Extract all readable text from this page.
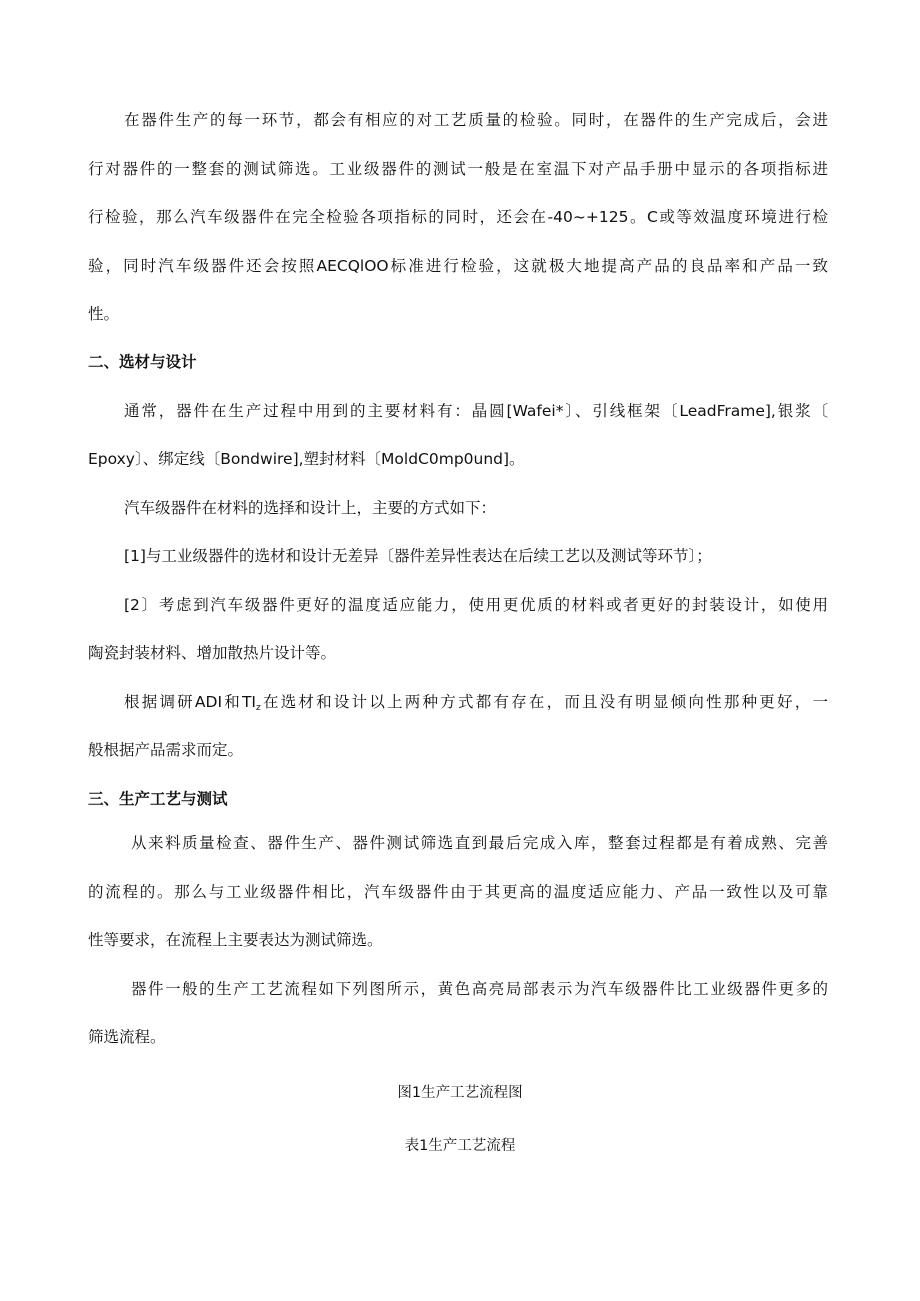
在器件生产的每一环节，都会有相应的对工艺质量的检验。同时，在器件的生产完成后，会进
行对器件的一整套的测试筛选。工业级器件的测试一般是在室温下对产品手册中显示的各项指标进
行检验，那么汽车级器件在完全检验各项指标的同时，还会在-40~+125。C或等效温度环境进行检
验，同时汽车级器件还会按照AECQlOO标准进行检验，这就极大地提高产品的良品率和产品一致
性。
二、选材与设计
通常，器件在生产过程中用到的主要材料有：晶圆[Wafei*〕、引线框架〔LeadFrame],银浆〔
Epoxy〕、绑定线〔Bondwire],塑封材料〔MoldC0mp0und]。
汽车级器件在材料的选择和设计上，主要的方式如下：
[1]与工业级器件的选材和设计无差异〔器件差异性表达在后续工艺以及测试等环节〕；
[2〕考虑到汽车级器件更好的温度适应能力，使用更优质的材料或者更好的封装设计，如使用
陶瓷封装材料、增加散热片设计等。
根据调研ADI和$TI_z$在选材和设计以上两种方式都有存在，而且没有明显倾向性那种更好，一
般根据产品需求而定。
三、生产工艺与测试
从来料质量检查、器件生产、器件测试筛选直到最后完成入库，整套过程都是有着成熟、完善
的流程的。那么与工业级器件相比，汽车级器件由于其更高的温度适应能力、产品一致性以及可靠
性等要求，在流程上主要表达为测试筛选。
器件一般的生产工艺流程如下列图所示，黄色高亮局部表示为汽车级器件比工业级器件更多的
筛选流程。
图1生产工艺流程图
表1生产工艺流程
